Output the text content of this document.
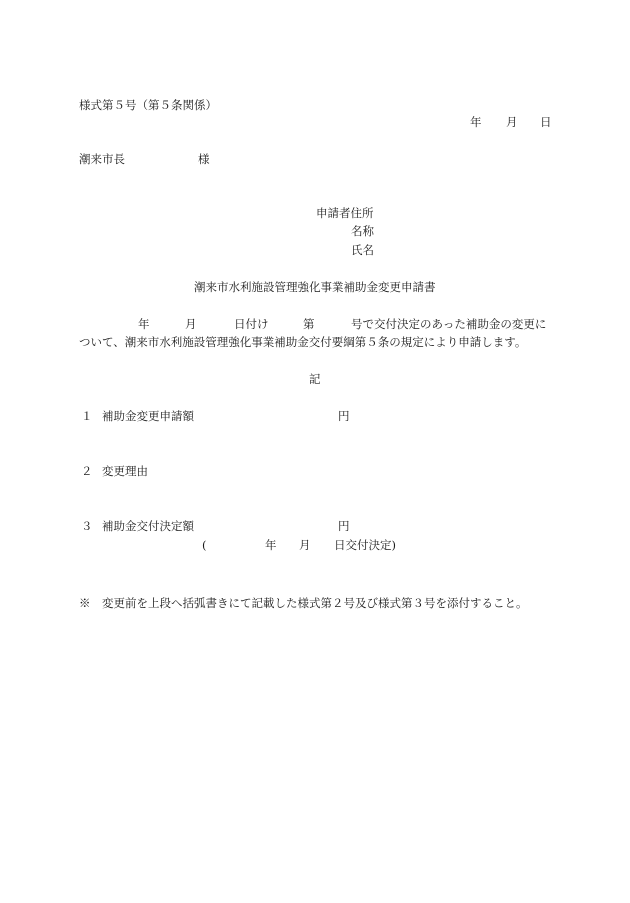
様式第５号（第５条関係）
年 月 日
潮来市長	様
申請者住所
名称
氏名
潮来市水利施設管理強化事業補助金変更申請書
年	月	日付け	第	号で交付決定のあった補助金の変更に
ついて、潮来市水利施設管理強化事業補助金交付要綱第５条の規定により申請します。
記
１ 補助金変更申請額	円
２ 変更理由
３ 補助金交付決定額	円
(	年 月 日交付決定)
※　変更前を上段へ括弧書きにて記載した様式第２号及び様式第３号を添付すること。
